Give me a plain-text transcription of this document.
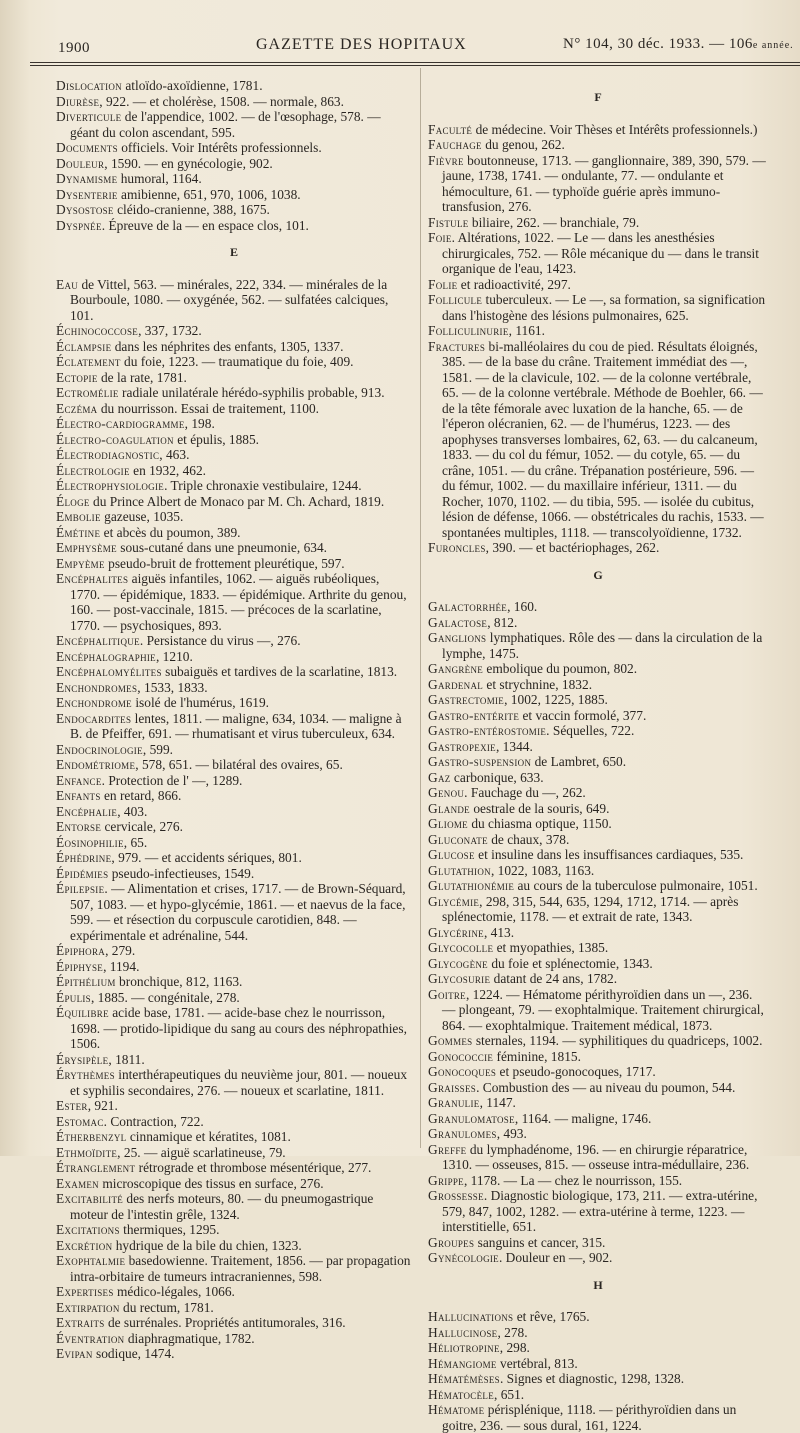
1900	GAZETTE DES HOPITAUX	N° 104, 30 déc. 1933. — 106e année.

Dislocation atloïdo-axoïdienne, 1781.

Diurèse, 922. — et cholérèse, 1508. — normale, 863.

Diverticule de l'appendice, 1002. — de l'œsophage, 578. — géant du colon ascendant, 595.

Documents officiels. Voir Intérêts professionnels.

Douleur, 1590. — en gynécologie, 902.

Dynamisme humoral, 1164.

Dysenterie amibienne, 651, 970, 1006, 1038.

Dysostose cléido-cranienne, 388, 1675.

Dyspnée. Épreuve de la — en espace clos, 101.

E

Eau de Vittel, 563. — minérales, 222, 334. — minérales de la Bourboule, 1080. — oxygénée, 562. — sulfatées calciques, 101.

Échinococcose, 337, 1732.

Éclampsie dans les néphrites des enfants, 1305, 1337.

Éclatement du foie, 1223. — traumatique du foie, 409.

Ectopie de la rate, 1781.

Ectromélie radiale unilatérale hérédo-syphilis probable, 913.

Eczéma du nourrisson. Essai de traitement, 1100.

Électro-cardiogramme, 198.

Électro-coagulation et épulis, 1885.

Électrodiagnostic, 463.

Électrologie en 1932, 462.

Électrophysiologie. Triple chronaxie vestibulaire, 1244.

Éloge du Prince Albert de Monaco par M. Ch. Achard, 1819.

Embolie gazeuse, 1035.

Émétine et abcès du poumon, 389.

Emphysème sous-cutané dans une pneumonie, 634.

Empyème pseudo-bruit de frottement pleurétique, 597.

Encéphalites aiguës infantiles, 1062. — aiguës rubéoliques, 1770. — épidémique, 1833. — épidémique. Arthrite du genou, 160. — post-vaccinale, 1815. — précoces de la scarlatine, 1770. — psychosiques, 893.

Encéphalitique. Persistance du virus —, 276.

Encéphalographie, 1210.

Encéphalomyélites subaiguës et tardives de la scarlatine, 1813.

Enchondromes, 1533, 1833.

Enchondrome isolé de l'humérus, 1619.

Endocardites lentes, 1811. — maligne, 634, 1034. — maligne à B. de Pfeiffer, 691. — rhumatisant et virus tuberculeux, 634.

Endocrinologie, 599.

Endométriome, 578, 651. — bilatéral des ovaires, 65.

Enfance. Protection de l' —, 1289.

Enfants en retard, 866.

Encéphalie, 403.

Entorse cervicale, 276.

Éosinophilie, 65.

Éphédrine, 979. — et accidents sériques, 801.

Épidémies pseudo-infectieuses, 1549.

Épilepsie. — Alimentation et crises, 1717. — de Brown-Séquard, 507, 1083. — et hypo-glycémie, 1861. — et naevus de la face, 599. — et résection du corpuscule carotidien, 848. — expérimentale et adrénaline, 544.

Épiphora, 279.

Épiphyse, 1194.

Épithélium bronchique, 812, 1163.

Épulis, 1885. — congénitale, 278.

Équilibre acide base, 1781. — acide-base chez le nourrisson, 1698. — protido-lipidique du sang au cours des néphropathies, 1506.

Érysipèle, 1811.

Érythèmes interthérapeutiques du neuvième jour, 801. — noueux et syphilis secondaires, 276. — noueux et scarlatine, 1811.

Ester, 921.

Estomac. Contraction, 722.

Étherbenzyl cinnamique et kératites, 1081.

Ethmoïdite, 25. — aiguë scarlatineuse, 79.

Étranglement rétrograde et thrombose mésentérique, 277.

Examen microscopique des tissus en surface, 276.

Excitabilité des nerfs moteurs, 80. — du pneumogastrique moteur de l'intestin grêle, 1324.

Excitations thermiques, 1295.

Excrétion hydrique de la bile du chien, 1323.

Exophtalmie basedowienne. Traitement, 1856. — par propagation intra-orbitaire de tumeurs intracraniennes, 598.

Expertises médico-légales, 1066.

Extirpation du rectum, 1781.

Extraits de surrénales. Propriétés antitumorales, 316.

Éventration diaphragmatique, 1782.

Evipan sodique, 1474.

F

Faculté de médecine. Voir Thèses et Intérêts professionnels.)

Fauchage du genou, 262.

Fièvre boutonneuse, 1713. — ganglionnaire, 389, 390, 579. — jaune, 1738, 1741. — ondulante, 77. — ondulante et hémoculture, 61. — typhoïde guérie après immuno-transfusion, 276.

Fistule biliaire, 262. — branchiale, 79.

Foie. Altérations, 1022. — Le — dans les anesthésies chirurgicales, 752. — Rôle mécanique du — dans le transit organique de l'eau, 1423.

Folie et radioactivité, 297.

Follicule tuberculeux. — Le —, sa formation, sa signification dans l'histogène des lésions pulmonaires, 625.

Folliculinurie, 1161.

Fractures bi-malléolaires du cou de pied. Résultats éloignés, 385. — de la base du crâne. Traitement immédiat des —, 1581. — de la clavicule, 102. — de la colonne vertébrale, 65. — de la colonne vertébrale. Méthode de Boehler, 66. — de la tête fémorale avec luxation de la hanche, 65. — de l'éperon olécranien, 62. — de l'humérus, 1223. — des apophyses transverses lombaires, 62, 63. — du calcaneum, 1833. — du col du fémur, 1052. — du cotyle, 65. — du crâne, 1051. — du crâne. Trépanation postérieure, 596. — du fémur, 1002. — du maxillaire inférieur, 1311. — du Rocher, 1070, 1102. — du tibia, 595. — isolée du cubitus, lésion de défense, 1066. — obstétricales du rachis, 1533. — spontanées multiples, 1118. — transcolyoïdienne, 1732.

Furoncles, 390. — et bactériophages, 262.

G

Galactorrhée, 160.

Galactose, 812.

Ganglions lymphatiques. Rôle des — dans la circulation de la lymphe, 1475.

Gangrène embolique du poumon, 802.

Gardenal et strychnine, 1832.

Gastrectomie, 1002, 1225, 1885.

Gastro-entérite et vaccin formolé, 377.

Gastro-entérostomie. Séquelles, 722.

Gastropexie, 1344.

Gastro-suspension de Lambret, 650.

Gaz carbonique, 633.

Genou. Fauchage du —, 262.

Glande oestrale de la souris, 649.

Gliome du chiasma optique, 1150.

Gluconate de chaux, 378.

Glucose et insuline dans les insuffisances cardiaques, 535.

Glutathion, 1022, 1083, 1163.

Glutathionémie au cours de la tuberculose pulmonaire, 1051.

Glycémie, 298, 315, 544, 635, 1294, 1712, 1714. — après splénectomie, 1178. — et extrait de rate, 1343.

Glycérine, 413.

Glycocolle et myopathies, 1385.

Glycogène du foie et splénectomie, 1343.

Glycosurie datant de 24 ans, 1782.

Goitre, 1224. — Hématome périthyroïdien dans un —, 236. — plongeant, 79. — exophtalmique. Traitement chirurgical, 864. — exophtalmique. Traitement médical, 1873.

Gommes sternales, 1194. — syphilitiques du quadriceps, 1002.

Gonococcie féminine, 1815.

Gonocoques et pseudo-gonocoques, 1717.

Graisses. Combustion des — au niveau du poumon, 544.

Granulie, 1147.

Granulomatose, 1164. — maligne, 1746.

Granulomes, 493.

Greffe du lymphadénome, 196. — en chirurgie réparatrice, 1310. — osseuses, 815. — osseuse intra-médullaire, 236.

Grippe, 1178. — La — chez le nourrisson, 155.

Grossesse. Diagnostic biologique, 173, 211. — extra-utérine, 579, 847, 1002, 1282. — extra-utérine à terme, 1223. — interstitielle, 651.

Groupes sanguins et cancer, 315.

Gynécologie. Douleur en —, 902.

H

Hallucinations et rêve, 1765.

Hallucinose, 278.

Héliotropine, 298.

Hémangiome vertébral, 813.

Hématémèses. Signes et diagnostic, 1298, 1328.

Hématocèle, 651.

Hématome périsplénique, 1118. — périthyroïdien dans un goitre, 236. — sous dural, 161, 1224.
